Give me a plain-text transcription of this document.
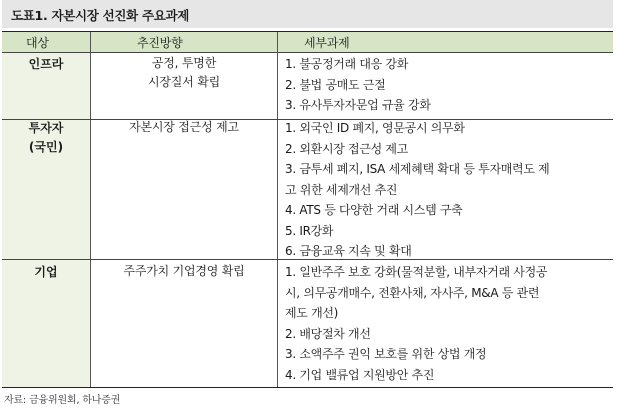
도표1. 자본시장 선진화 주요과제
대상	추진방향	세부과제
인프라
투자자
(국민)
기업
공정, 투명한
시장질서 확립
자본시장 접근성 제고
주주가치 기업경영 확립
1. 불공정거래 대응 강화
2. 불법 공매도 근절
3. 유사투자자문업 규율 강화
1. 외국인 ID 폐지, 영문공시 의무화
2. 외환시장 접근성 제고
3. 금투세 폐지, ISA 세제혜택 확대 등 투자매력도 제
고 위한 세제개선 추진
4. ATS 등 다양한 거래 시스템 구축
5. IR강화
6. 금융교육 지속 및 확대
1. 일반주주 보호 강화(물적분할, 내부자거래 사정공
시, 의무공개매수, 전환사채, 자사주, M&A 등 관련
제도 개선)
2. 배당절차 개선
3. 소액주주 권익 보호를 위한 상법 개정
4. 기업 밸류업 지원방안 추진
자료: 금융위원회, 하나증권
